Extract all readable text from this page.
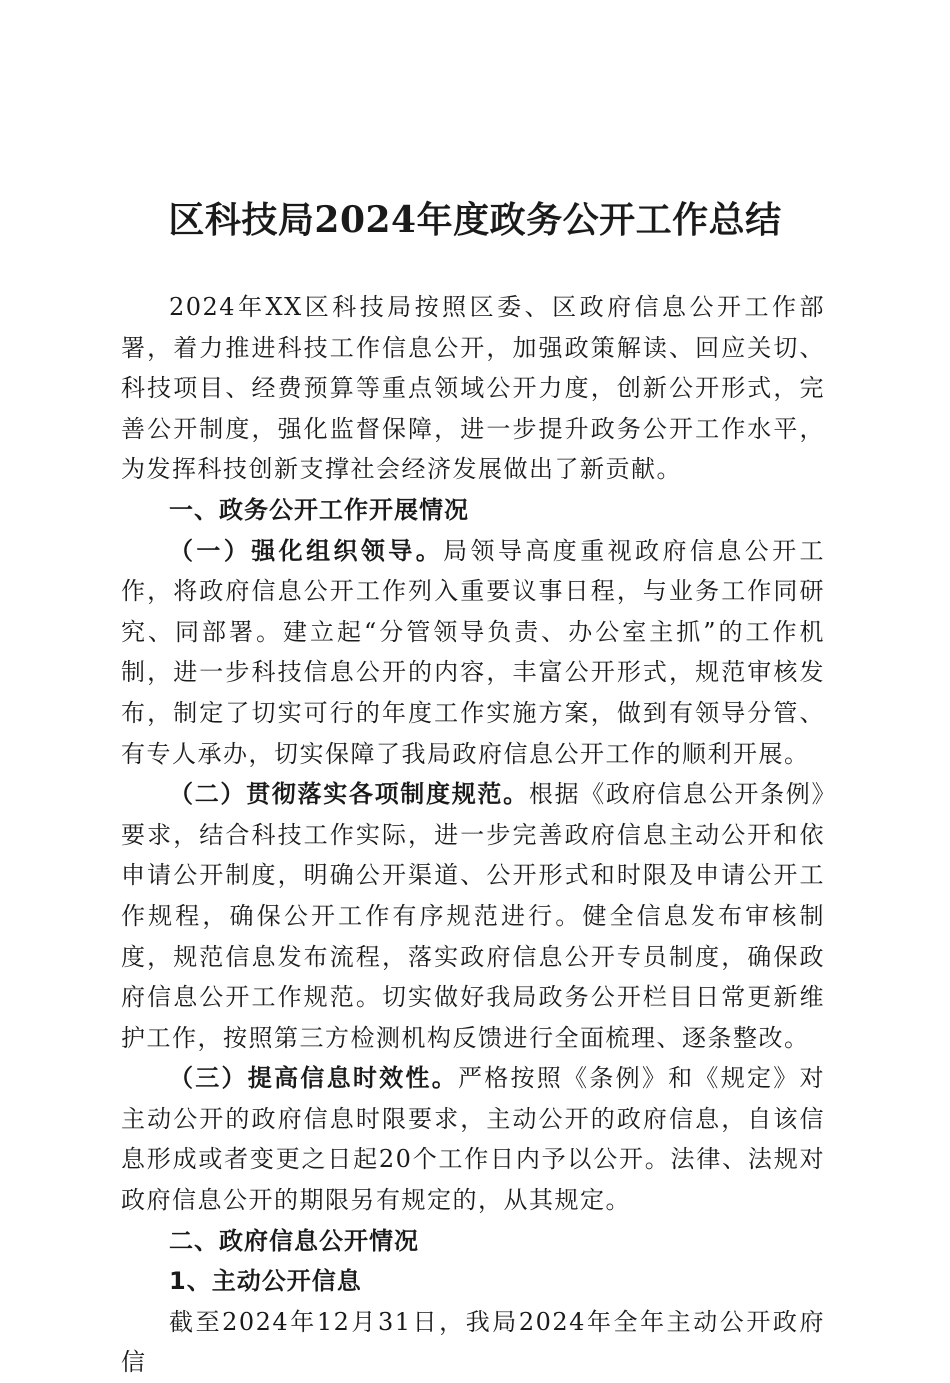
区科技局2024年度政务公开工作总结

2024年XX区科技局按照区委、区政府信息公开工作部署，着力推进科技工作信息公开，加强政策解读、回应关切、科技项目、经费预算等重点领域公开力度，创新公开形式，完善公开制度，强化监督保障，进一步提升政务公开工作水平，为发挥科技创新支撑社会经济发展做出了新贡献。

一、政务公开工作开展情况

（一）强化组织领导。局领导高度重视政府信息公开工作，将政府信息公开工作列入重要议事日程，与业务工作同研究、同部署。建立起“分管领导负责、办公室主抓”的工作机制，进一步科技信息公开的内容，丰富公开形式，规范审核发布，制定了切实可行的年度工作实施方案，做到有领导分管、有专人承办，切实保障了我局政府信息公开工作的顺利开展。

（二）贯彻落实各项制度规范。根据《政府信息公开条例》要求，结合科技工作实际，进一步完善政府信息主动公开和依申请公开制度，明确公开渠道、公开形式和时限及申请公开工作规程，确保公开工作有序规范进行。健全信息发布审核制度，规范信息发布流程，落实政府信息公开专员制度，确保政府信息公开工作规范。切实做好我局政务公开栏目日常更新维护工作，按照第三方检测机构反馈进行全面梳理、逐条整改。

（三）提高信息时效性。严格按照《条例》和《规定》对主动公开的政府信息时限要求，主动公开的政府信息，自该信息形成或者变更之日起20个工作日内予以公开。法律、法规对政府信息公开的期限另有规定的，从其规定。

二、政府信息公开情况

1、主动公开信息

截至2024年12月31日，我局2024年全年主动公开政府信
